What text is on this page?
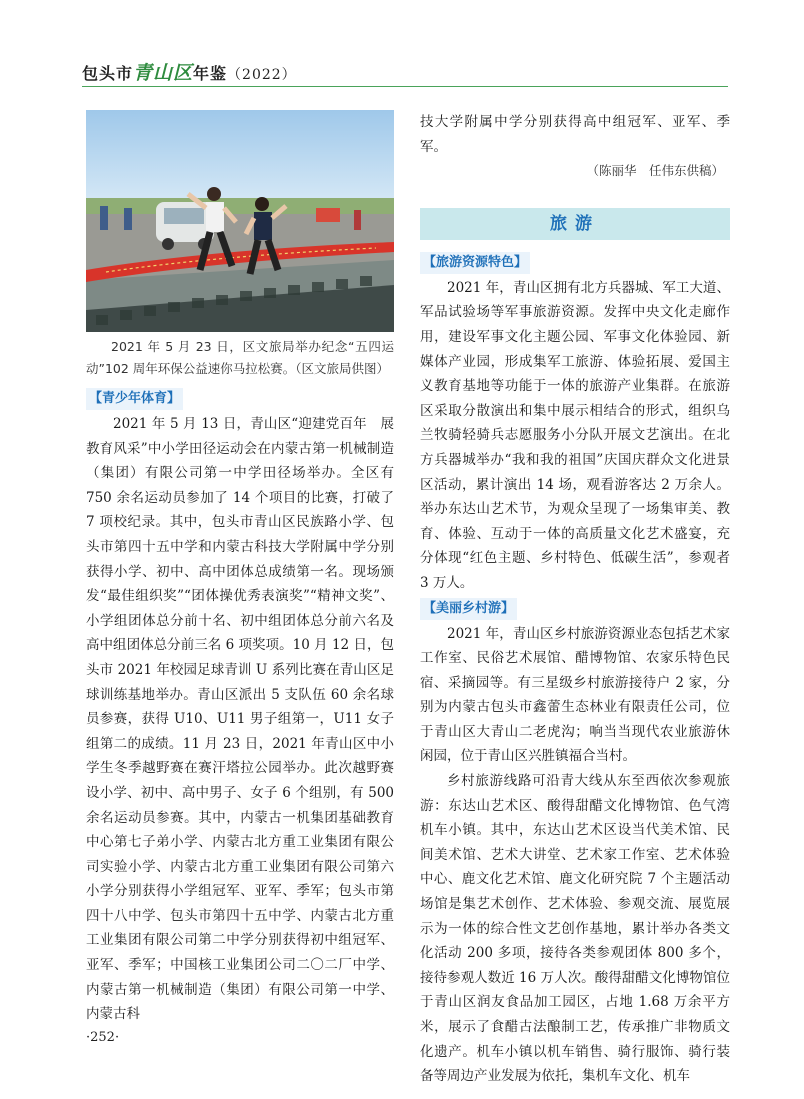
包头市青山区年鉴（2022）
2021 年 5 月 23 日，区文旅局举办纪念“五四运动”102 周年环保公益速你马拉松赛。（区文旅局供图）
【青少年体育】

2021 年 5 月 13 日，青山区“迎建党百年　展教育风采”中小学田径运动会在内蒙古第一机械制造（集团）有限公司第一中学田径场举办。全区有 750 余名运动员参加了 14 个项目的比赛，打破了 7 项校纪录。其中，包头市青山区民族路小学、包头市第四十五中学和内蒙古科技大学附属中学分别获得小学、初中、高中团体总成绩第一名。现场颁发“最佳组织奖”“团体操优秀表演奖”“精神文奖”、小学组团体总分前十名、初中组团体总分前六名及高中组团体总分前三名 6 项奖项。10 月 12 日，包头市 2021 年校园足球青训 U 系列比赛在青山区足球训练基地举办。青山区派出 5 支队伍 60 余名球员参赛，获得 U10、U11 男子组第一，U11 女子组第二的成绩。11 月 23 日，2021 年青山区中小学生冬季越野赛在赛汗塔拉公园举办。此次越野赛设小学、初中、高中男子、女子 6 个组别，有 500 余名运动员参赛。其中，内蒙古一机集团基础教育中心第七子弟小学、内蒙古北方重工业集团有限公司实验小学、内蒙古北方重工业集团有限公司第六小学分别获得小学组冠军、亚军、季军；包头市第四十八中学、包头市第四十五中学、内蒙古北方重工业集团有限公司第二中学分别获得初中组冠军、亚军、季军；中国核工业集团公司二〇二厂中学、内蒙古第一机械制造（集团）有限公司第一中学、内蒙古科

技大学附属中学分别获得高中组冠军、亚军、季军。

（陈丽华　任伟东供稿）
旅游
【旅游资源特色】

2021 年，青山区拥有北方兵器城、军工大道、军品试验场等军事旅游资源。发挥中央文化走廊作用，建设军事文化主题公园、军事文化体验园、新媒体产业园，形成集军工旅游、体验拓展、爱国主义教育基地等功能于一体的旅游产业集群。在旅游区采取分散演出和集中展示相结合的形式，组织乌兰牧骑轻骑兵志愿服务小分队开展文艺演出。在北方兵器城举办“我和我的祖国”庆国庆群众文化进景区活动，累计演出 14 场，观看游客达 2 万余人。举办东达山艺术节，为观众呈现了一场集审美、教育、体验、互动于一体的高质量文化艺术盛宴，充分体现“红色主题、乡村特色、低碳生活”，参观者 3 万人。

【美丽乡村游】

2021 年，青山区乡村旅游资源业态包括艺术家工作室、民俗艺术展馆、醋博物馆、农家乐特色民宿、采摘园等。有三星级乡村旅游接待户 2 家，分别为内蒙古包头市鑫蕾生态林业有限责任公司，位于青山区大青山二老虎沟；响当当现代农业旅游休闲园，位于青山区兴胜镇福合当村。

乡村旅游线路可沿青大线从东至西依次参观旅游：东达山艺术区、酸得甜醋文化博物馆、色气湾机车小镇。其中，东达山艺术区设当代美术馆、民间美术馆、艺术大讲堂、艺术家工作室、艺术体验中心、鹿文化艺术馆、鹿文化研究院 7 个主题活动场馆是集艺术创作、艺术体验、参观交流、展览展示为一体的综合性文艺创作基地，累计举办各类文化活动 200 多项，接待各类参观团体 800 多个，接待参观人数近 16 万人次。酸得甜醋文化博物馆位于青山区润友食品加工园区，占地 1.68 万余平方米，展示了食醋古法酿制工艺，传承推广非物质文化遗产。机车小镇以机车销售、骑行服饰、骑行装备等周边产业发展为依托，集机车文化、机车

·252·
